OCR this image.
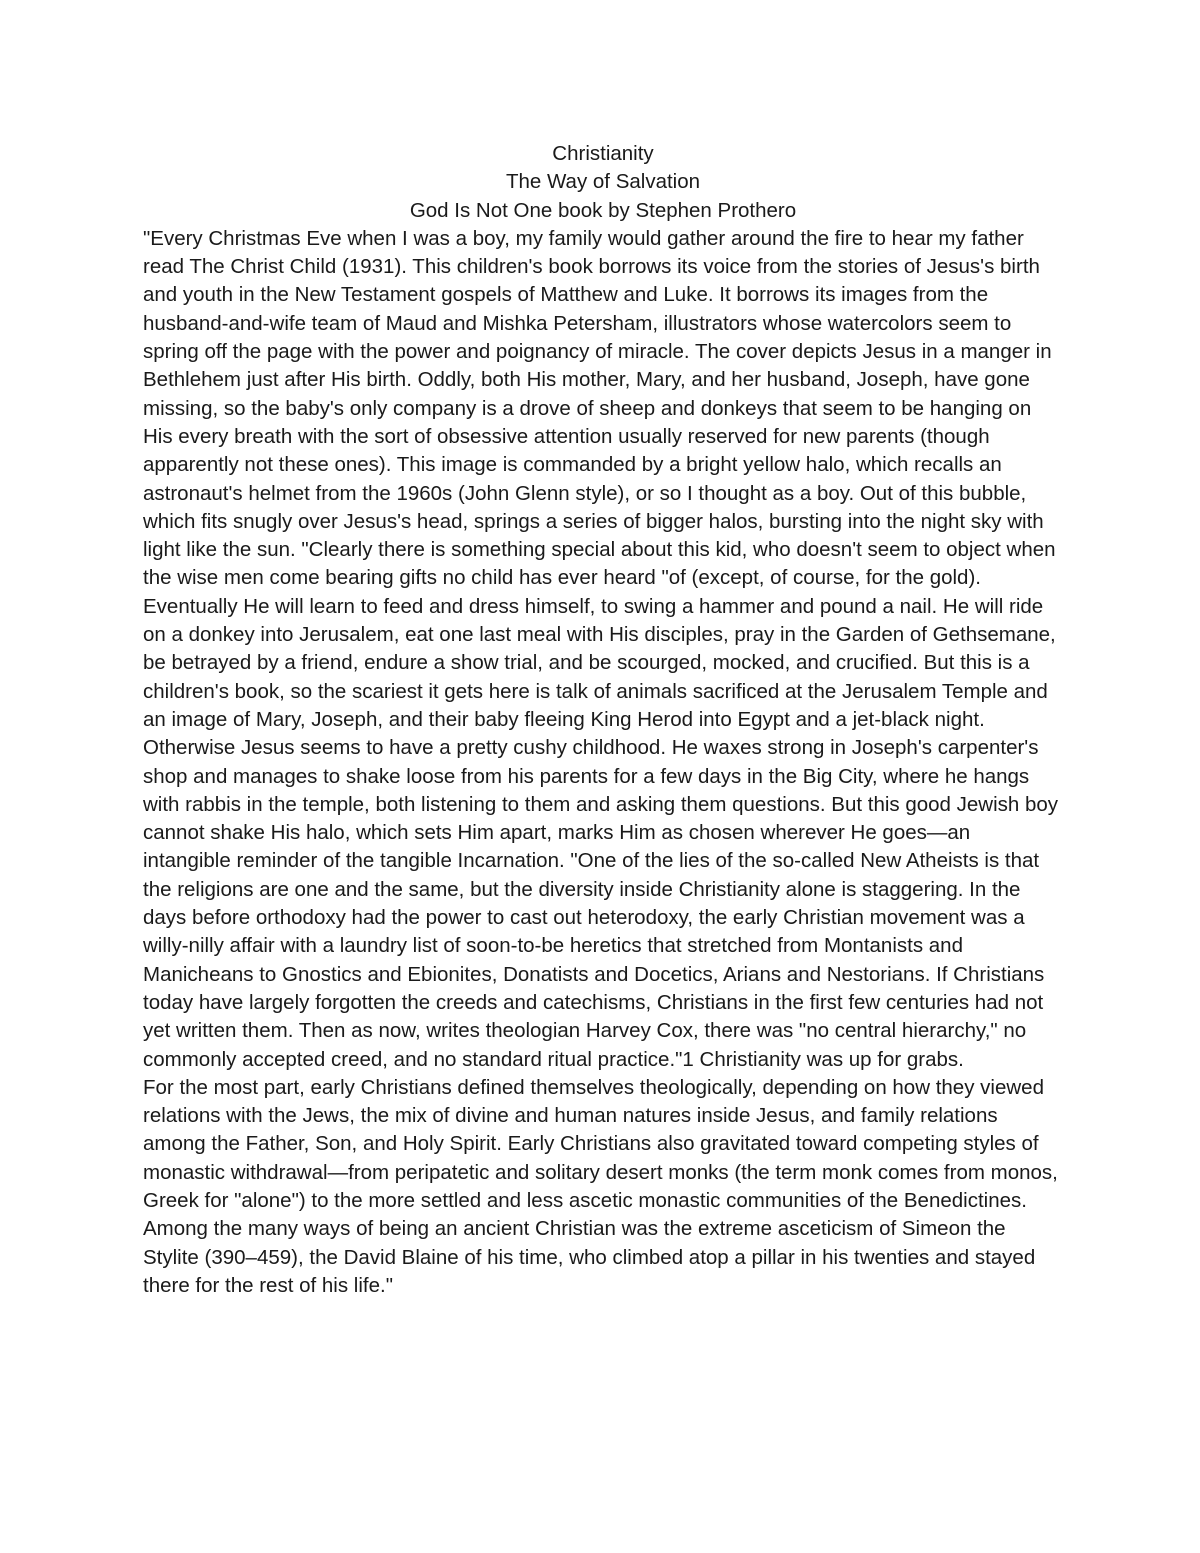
Christianity
The Way of Salvation
God Is Not One book by Stephen Prothero

"Every Christmas Eve when I was a boy, my family would gather around the fire to hear my father read The Christ Child (1931). This children's book borrows its voice from the stories of Jesus's birth and youth in the New Testament gospels of Matthew and Luke. It borrows its images from the husband-and-wife team of Maud and Mishka Petersham, illustrators whose watercolors seem to spring off the page with the power and poignancy of miracle. The cover depicts Jesus in a manger in Bethlehem just after His birth. Oddly, both His mother, Mary, and her husband, Joseph, have gone missing, so the baby's only company is a drove of sheep and donkeys that seem to be hanging on His every breath with the sort of obsessive attention usually reserved for new parents (though apparently not these ones). This image is commanded by a bright yellow halo, which recalls an astronaut's helmet from the 1960s (John Glenn style), or so I thought as a boy. Out of this bubble, which fits snugly over Jesus's head, springs a series of bigger halos, bursting into the night sky with light like the sun. "Clearly there is something special about this kid, who doesn't seem to object when the wise men come bearing gifts no child has ever heard "of (except, of course, for the gold). Eventually He will learn to feed and dress himself, to swing a hammer and pound a nail. He will ride on a donkey into Jerusalem, eat one last meal with His disciples, pray in the Garden of Gethsemane, be betrayed by a friend, endure a show trial, and be scourged, mocked, and crucified. But this is a children's book, so the scariest it gets here is talk of animals sacrificed at the Jerusalem Temple and an image of Mary, Joseph, and their baby fleeing King Herod into Egypt and a jet-black night. Otherwise Jesus seems to have a pretty cushy childhood. He waxes strong in Joseph's carpenter's shop and manages to shake loose from his parents for a few days in the Big City, where he hangs with rabbis in the temple, both listening to them and asking them questions. But this good Jewish boy cannot shake His halo, which sets Him apart, marks Him as chosen wherever He goes—an intangible reminder of the tangible Incarnation. "One of the lies of the so-called New Atheists is that the religions are one and the same, but the diversity inside Christianity alone is staggering. In the days before orthodoxy had the power to cast out heterodoxy, the early Christian movement was a willy-nilly affair with a laundry list of soon-to-be heretics that stretched from Montanists and Manicheans to Gnostics and Ebionites, Donatists and Docetics, Arians and Nestorians. If Christians today have largely forgotten the creeds and catechisms, Christians in the first few centuries had not yet written them. Then as now, writes theologian Harvey Cox, there was "no central hierarchy," no commonly accepted creed, and no standard ritual practice."1 Christianity was up for grabs.

For the most part, early Christians defined themselves theologically, depending on how they viewed relations with the Jews, the mix of divine and human natures inside Jesus, and family relations among the Father, Son, and Holy Spirit. Early Christians also gravitated toward competing styles of monastic withdrawal—from peripatetic and solitary desert monks (the term monk comes from monos, Greek for "alone") to the more settled and less ascetic monastic communities of the Benedictines. Among the many ways of being an ancient Christian was the extreme asceticism of Simeon the Stylite (390–459), the David Blaine of his time, who climbed atop a pillar in his twenties and stayed there for the rest of his life."
